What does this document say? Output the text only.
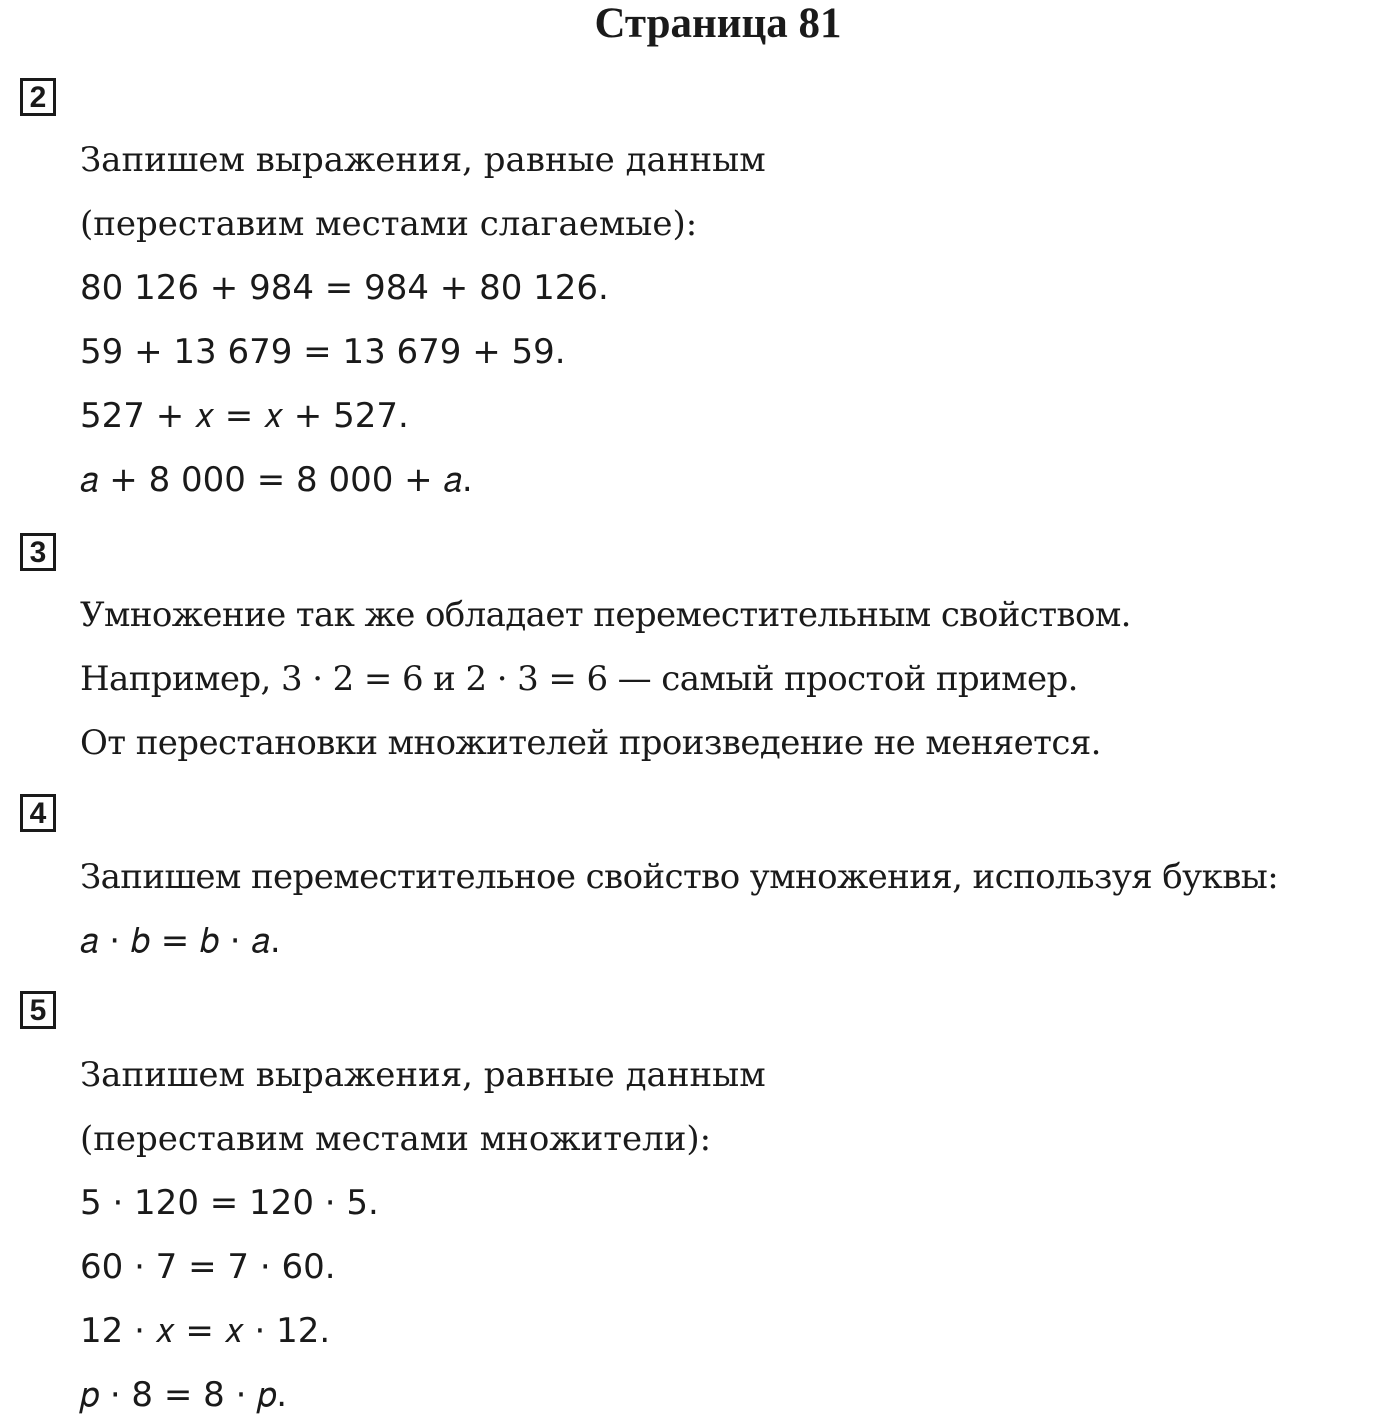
Страница 81
2
Запишем выражения, равные данным
(переставим местами слагаемые):
80 126 + 984 = 984 + 80 126.
59 + 13 679 = 13 679 + 59.
527 + 𝑥 = 𝑥 + 527.
𝑎 + 8 000 = 8 000 + 𝑎.
3
Умножение так же обладает переместительным свойством.
Например, 3 · 2 = 6 и 2 · 3 = 6 — самый простой пример.
От перестановки множителей произведение не меняется.
4
Запишем переместительное свойство умножения, используя буквы:
𝑎 · 𝑏 = 𝑏 · 𝑎.
5
Запишем выражения, равные данным
(переставим местами множители):
5 · 120 = 120 · 5.
60 · 7 = 7 · 60.
12 · 𝑥 = 𝑥 · 12.
𝑝 · 8 = 8 · 𝑝.
